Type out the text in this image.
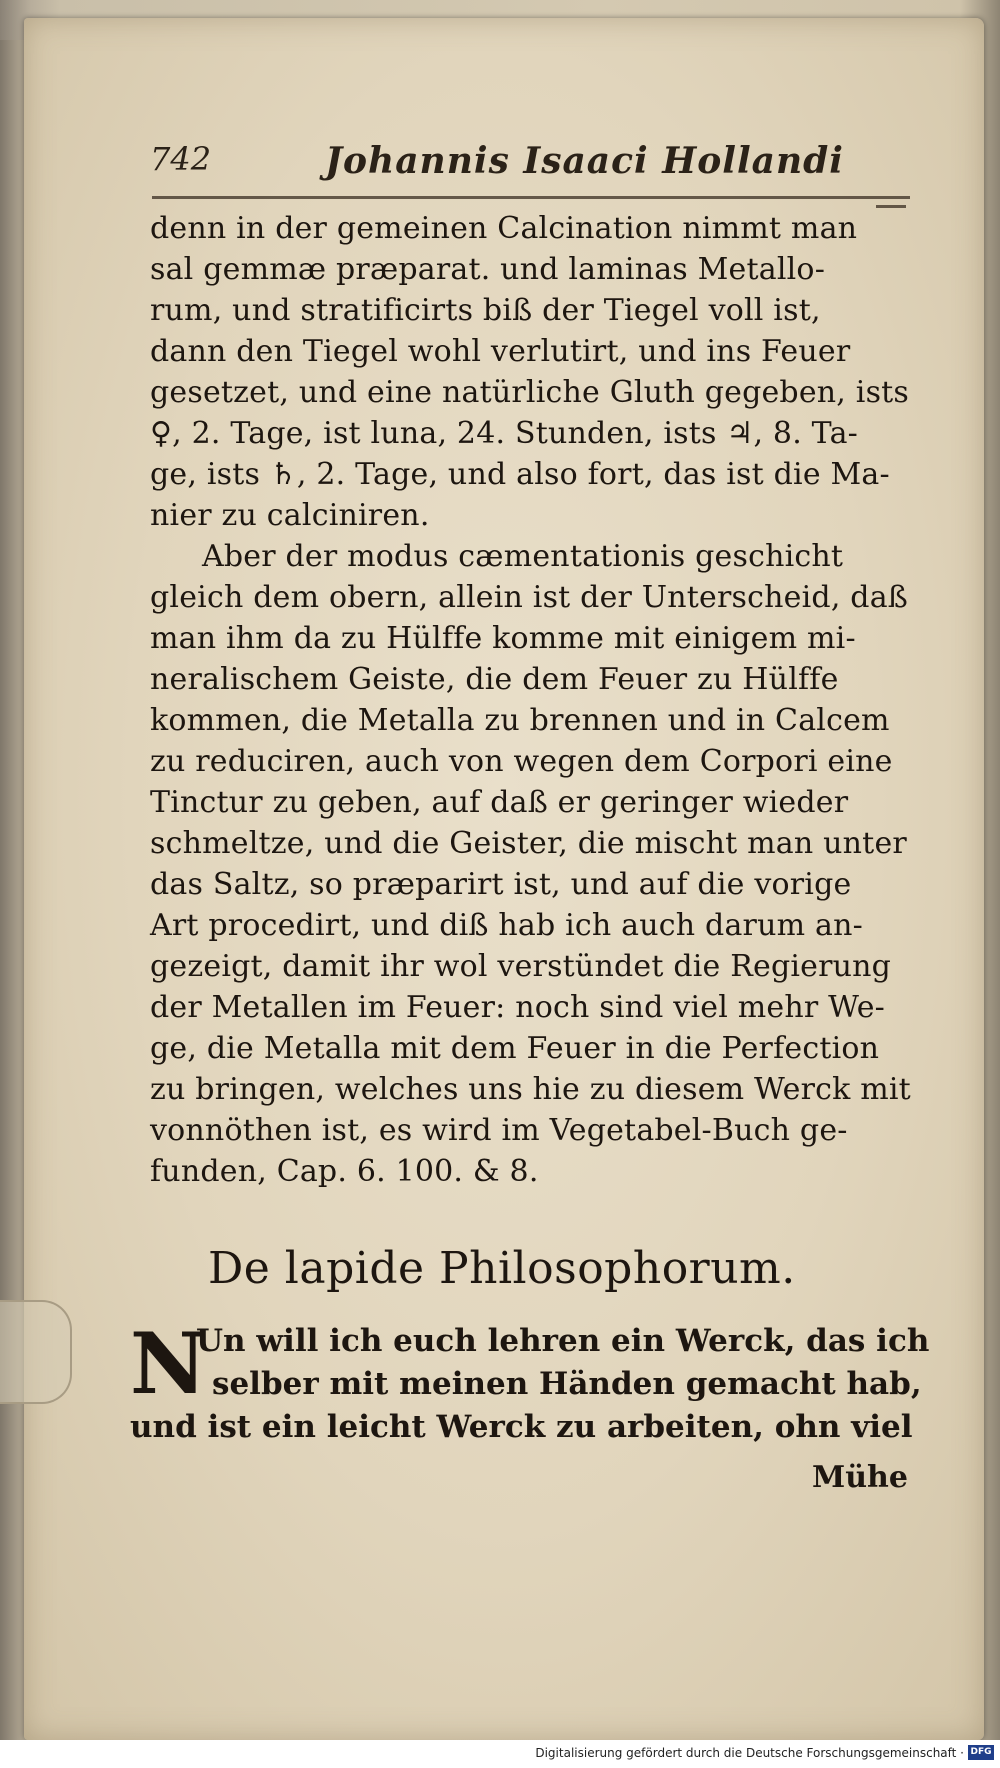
742	Johannis Isaaci Hollandi
denn in der gemeinen Calcination nimmt man
sal gemmæ præparat. und laminas Metallo-
rum, und stratificirts biß der Tiegel voll ist,
dann den Tiegel wohl verlutirt, und ins Feuer
gesetzet, und eine natürliche Gluth gegeben, ists
♀, 2. Tage, ist luna, 24. Stunden, ists ♃, 8. Ta-
ge, ists ♄, 2. Tage, und also fort, das ist die Ma-
nier zu calciniren.
Aber der modus cæmentationis geschicht
gleich dem obern, allein ist der Unterscheid, daß
man ihm da zu Hülffe komme mit einigem mi-
neralischem Geiste, die dem Feuer zu Hülffe
kommen, die Metalla zu brennen und in Calcem
zu reduciren, auch von wegen dem Corpori eine
Tinctur zu geben, auf daß er geringer wieder
schmeltze, und die Geister, die mischt man unter
das Saltz, so præparirt ist, und auf die vorige
Art procedirt, und diß hab ich auch darum an-
gezeigt, damit ihr wol verstündet die Regierung
der Metallen im Feuer: noch sind viel mehr We-
ge, die Metalla mit dem Feuer in die Perfection
zu bringen, welches uns hie zu diesem Werck mit
vonnöthen ist, es wird im Vegetabel-Buch ge-
funden, Cap. 6. 100. & 8.
De lapide Philosophorum.
N
Un will ich euch lehren ein Werck, das ich
selber mit meinen Händen gemacht hab,
und ist ein leicht Werck zu arbeiten, ohn viel
Mühe
Digitalisierung gefördert durch die Deutsche Forschungsgemeinschaft · DFG
